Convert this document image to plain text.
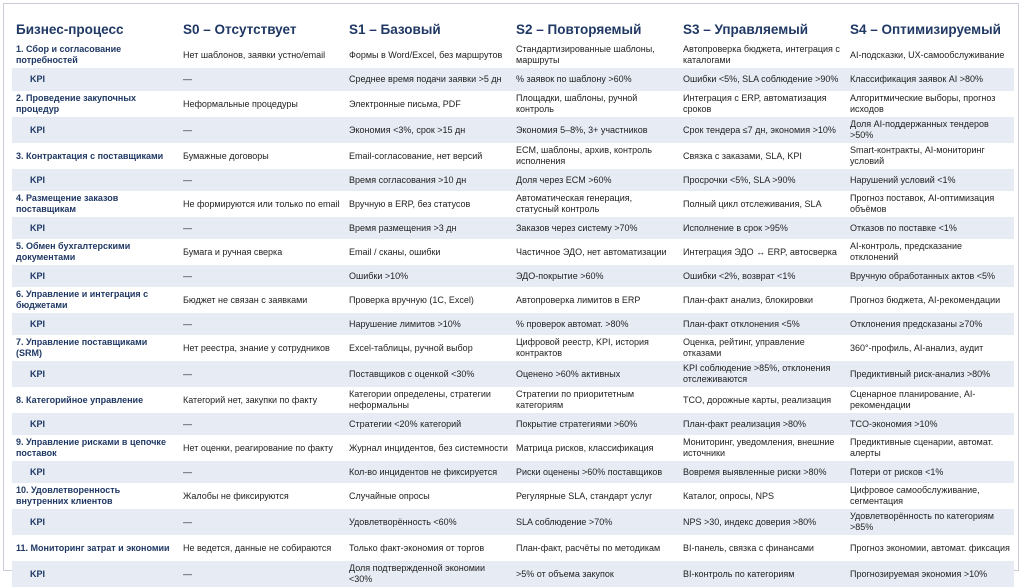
Бизнес-процесс	S0 – Отсутствует	S1 – Базовый	S2 – Повторяемый	S3 – Управляемый	S4 – Оптимизируемый
1. Сбор и согласование потребностей	Нет шаблонов, заявки устно/email	Формы в Word/Excel, без маршрутов	Стандартизированные шаблоны, маршруты	Автопроверка бюджета, интеграция с каталогами	AI-подсказки, UX-самообслуживание
KPI	—	Среднее время подачи заявки >5 дн	% заявок по шаблону >60%	Ошибки <5%, SLA соблюдение >90%	Классификация заявок AI >80%
2. Проведение закупочных процедур	Неформальные процедуры	Электронные письма, PDF	Площадки, шаблоны, ручной контроль	Интеграция с ERP, автоматизация сроков	Алгоритмические выборы, прогноз исходов
KPI	—	Экономия <3%, срок >15 дн	Экономия 5–8%, 3+ участников	Срок тендера ≤7 дн, экономия >10%	Доля AI-поддержанных тендеров >50%
3. Контрактация с поставщиками	Бумажные договоры	Email-согласование, нет версий	ECM, шаблоны, архив, контроль исполнения	Связка с заказами, SLA, KPI	Smart-контракты, AI-мониторинг условий
KPI	—	Время согласования >10 дн	Доля через ECM >60%	Просрочки <5%, SLA >90%	Нарушений условий <1%
4. Размещение заказов поставщикам	Не формируются или только по email	Вручную в ERP, без статусов	Автоматическая генерация, статусный контроль	Полный цикл отслеживания, SLA	Прогноз поставок, AI-оптимизация объёмов
KPI	—	Время размещения >3 дн	Заказов через систему >70%	Исполнение в срок >95%	Отказов по поставке <1%
5. Обмен бухгалтерскими документами	Бумага и ручная сверка	Email / сканы, ошибки	Частичное ЭДО, нет автоматизации	Интеграция ЭДО ↔ ERP, автосверка	AI-контроль, предсказание отклонений
KPI	—	Ошибки >10%	ЭДО-покрытие >60%	Ошибки <2%, возврат <1%	Вручную обработанных актов <5%
6. Управление и интеграция с бюджетами	Бюджет не связан с заявками	Проверка вручную (1С, Excel)	Автопроверка лимитов в ERP	План-факт анализ, блокировки	Прогноз бюджета, AI-рекомендации
KPI	—	Нарушение лимитов >10%	% проверок автомат. >80%	План-факт отклонения <5%	Отклонения предсказаны ≥70%
7. Управление поставщиками (SRM)	Нет реестра, знание у сотрудников	Excel-таблицы, ручной выбор	Цифровой реестр, KPI, история контрактов	Оценка, рейтинг, управление отказами	360°-профиль, AI-анализ, аудит
KPI	—	Поставщиков с оценкой <30%	Оценено >60% активных	KPI соблюдение >85%, отклонения отслеживаются	Предиктивный риск-анализ >80%
8. Категорийное управление	Категорий нет, закупки по факту	Категории определены, стратегии неформальны	Стратегии по приоритетным категориям	TCO, дорожные карты, реализация	Сценарное планирование, AI-рекомендации
KPI	—	Стратегии <20% категорий	Покрытие стратегиями >60%	План-факт реализация >80%	TCO-экономия >10%
9. Управление рисками в цепочке поставок	Нет оценки, реагирование по факту	Журнал инцидентов, без системности	Матрица рисков, классификация	Мониторинг, уведомления, внешние источники	Предиктивные сценарии, автомат. алерты
KPI	—	Кол-во инцидентов не фиксируется	Риски оценены >60% поставщиков	Вовремя выявленные риски >80%	Потери от рисков <1%
10. Удовлетворенность внутренних клиентов	Жалобы не фиксируются	Случайные опросы	Регулярные SLA, стандарт услуг	Каталог, опросы, NPS	Цифровое самообслуживание, сегментация
KPI	—	Удовлетворённость <60%	SLA соблюдение >70%	NPS >30, индекс доверия >80%	Удовлетворённость по категориям >85%
11. Мониторинг затрат и экономии	Не ведется, данные не собираются	Только факт-экономия от торгов	План-факт, расчёты по методикам	BI-панель, связка с финансами	Прогноз экономии, автомат. фиксация
KPI	—	Доля подтвержденной экономии <30%	>5% от объема закупок	BI-контроль по категориям	Прогнозируемая экономия >10%
